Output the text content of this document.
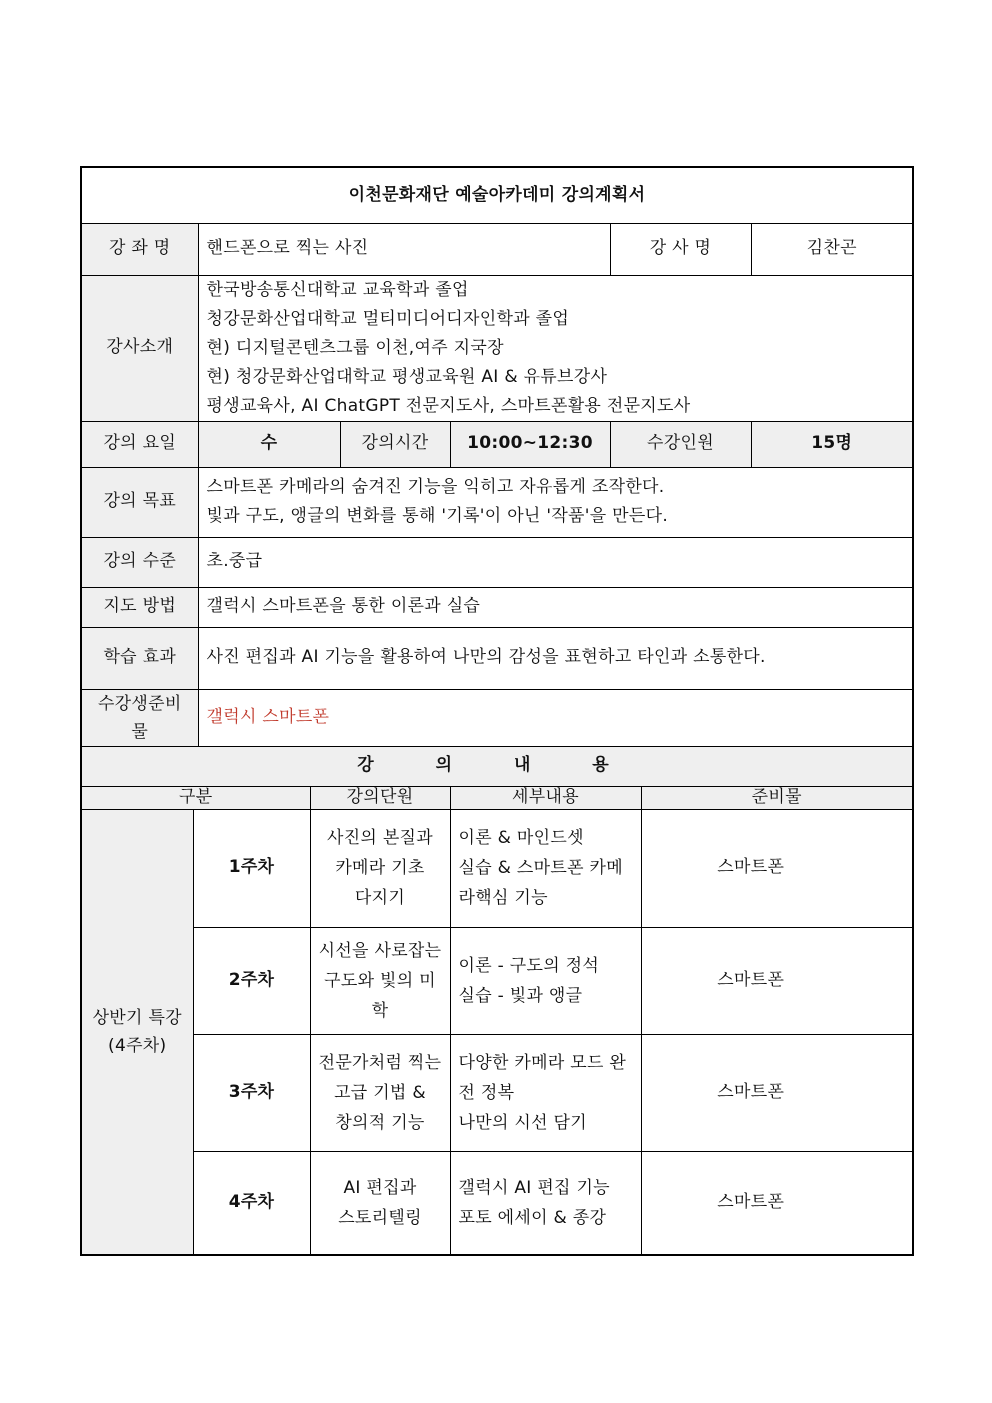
이천문화재단 예술아카데미 강의계획서								
강 좌 명		핸드폰으로 찍는 사진				강 사 명		김찬곤
강사소개		한국방송통신대학교 교육학과 졸업
청강문화산업대학교 멀티미디어디자인학과 졸업
현) 디지털콘텐츠그룹 이천,여주 지국장
현) 청강문화산업대학교 평생교육원 AI & 유튜브강사
평생교육사, AI ChatGPT 전문지도사, 스마트폰활용 전문지도사						

강의 요일		수		강의시간	10:00~12:30	수강인원		15명
강의 목표		스마트폰 카메라의 숨겨진 기능을 익히고 자유롭게 조작한다.
빛과 구도, 앵글의 변화를 통해 '기록'이 아닌 '작품'을 만든다.						

강의 수준		초.중급						
지도 방법		갤럭시 스마트폰을 통한 이론과 실습						
학습 효과		사진 편집과 AI 기능을 활용하여 나만의 감성을 표현하고 타인과 소통한다.						

수강생준비
물		갤럭시 스마트폰						
강 의 내 용								
구분			강의단원		세부내용		준비물	

상반기 특강
(4주차)	1주차		사진의 본질과
카메라 기초
다지기		이론 & 마인드셋
실습 & 스마트폰 카메라핵심 기능		스마트폰	
	2주차		시선을 사로잡는
구도와 빛의 미학		이론 - 구도의 정석
실습 - 빛과 앵글		스마트폰	
	3주차		전문가처럼 찍는
고급 기법 &
창의적 기능		다양한 카메라 모드 완전 정복
나만의 시선 담기		스마트폰	
	4주차		AI 편집과
스토리텔링		갤럭시 AI 편집 기능
포토 에세이 & 종강		스마트폰	
